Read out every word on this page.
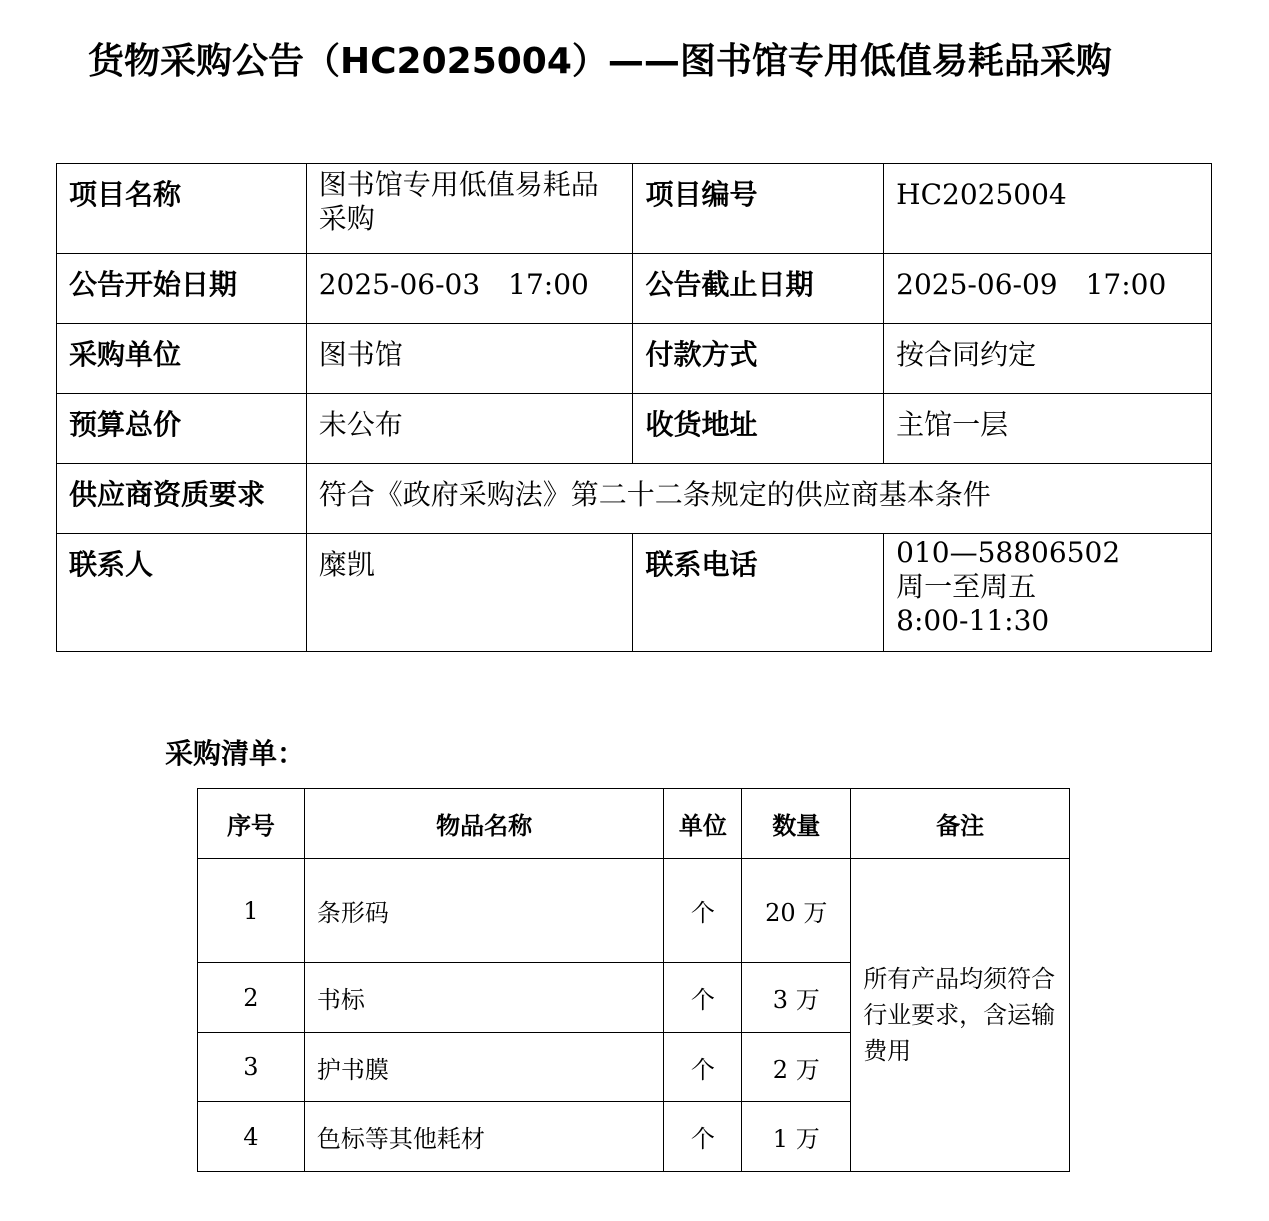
货物采购公告（HC2025004）——图书馆专用低值易耗品采购
项目名称	图书馆专用低值易耗品采购	项目编号	HC2025004
公告开始日期	2025-06-03　17:00	公告截止日期	2025-06-09　17:00
采购单位	图书馆	付款方式	按合同约定
预算总价	未公布	收货地址	主馆一层
供应商资质要求	符合《政府采购法》第二十二条规定的供应商基本条件		
联系人	糜凯	联系电话	010—58806502
周一至周五
8:00-11:30
采购清单：
序号	物品名称	单位	数量	备注
1	条形码	个	20 万	所有产品均须符合行业要求，含运输费用
2	书标	个	3 万	
3	护书膜	个	2 万	
4	色标等其他耗材	个	1 万	
